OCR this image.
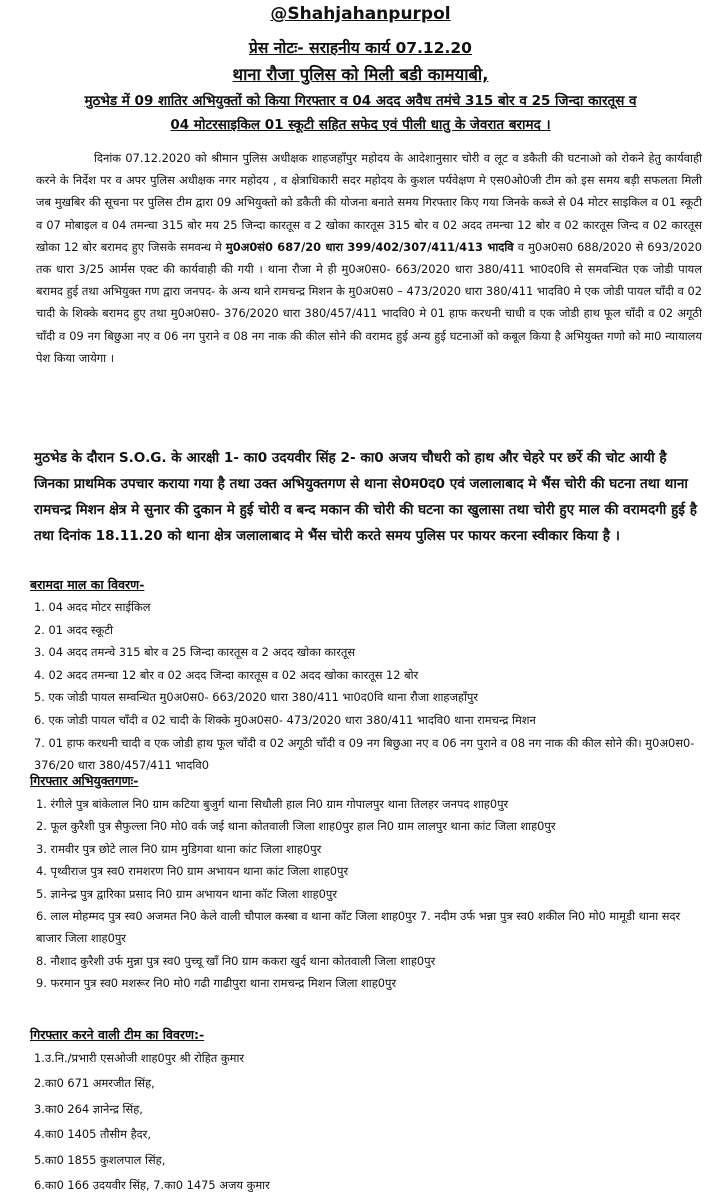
@Shahjahanpurpol
प्रेस नोटः- सराहनीय कार्य 07.12.20
थाना रौजा पुलिस को मिली बडी कामयाबी,
मुठभेड में 09 शातिर अभियुक्तों को किया गिरफ्तार व 04 अदद अवैध तमंचे 315 बोर व 25 जिन्दा कारतूस व
04 मोटरसाइकिल 01 स्कूटी सहित सफेद एवं पीली धातु के जेवरात बरामद ।
दिनांक 07.12.2020 को श्रीमान पुलिस अधीक्षक शाहजहाँपुर महोदय के आदेशानुसार चोरी व लूट व डकैती की घटनाओ को रोकने हेतु कार्यवाही करने के निर्देश पर व अपर पुलिस अधीक्षक नगर महोदय , व क्षेत्राधिकारी सदर महोदय के कुशल पर्यवेक्षण मे एस0ओ0जी टीम को इस समय बड़ी सफलता मिली जब मुखबिर की सूचना पर पुलिस टीम द्वारा 09 अभियुक्तो को डकैती की योजना बनाते समय गिरफ्तार किए गया जिनके कब्जे से 04 मोटर साइकिल व 01 स्कूटी व 07 मोबाइल व 04 तमन्चा 315 बोर मय 25 जिन्दा कारतूस व 2 खोका कारतूस 315 बोर व 02 अदद तमन्चा 12 बोर व 02 कारतूस जिन्द व 02 कारतूस खोका 12 बोर बरामद हुए जिसके समवन्ध मे मु0अ0सं0 687/20 धारा 399/402/307/411/413 भादवि व मु0अ0स0 688/2020 से 693/2020 तक धारा 3/25 आर्मस एक्ट की कार्यवाही की गयी । थाना रौजा मे ही मु0अ0स0- 663/2020 धारा 380/411 भा0द0वि से समवन्धित एक जोडी पायल बरामद हुई तथा अभियुक्त गण द्वारा जनपद- के अन्य थाने रामचन्द्र मिशन के मु0अ0स0 – 473/2020 धारा 380/411 भादवि0 मे एक जोडी पायल चाँदी व 02 चादी के शिक्के बरामद हुए तथा मु0अ0स0- 376/2020 धारा 380/457/411 भादवि0 मे 01 हाफ करधनी चाधी व एक जोडी हाथ फूल चाँदी व 02 अगूठी चाँदी व 09 नग बिछुआ नए व 06 नग पुराने व 08 नग नाक की कील सोने की वरामद हुई अन्य हुई घटनाओं को कबूल किया है अभियुक्त गणो को मा0 न्यायालय पेश किया जायेगा ।
मुठभेड के दौरान S.O.G. के आरक्षी 1- का0 उदयवीर सिंह 2- का0 अजय चौधरी को हाथ और चेहरे पर छर्रे की चोट आयी है जिनका प्राथमिक उपचार कराया गया है तथा उक्त अभियुक्तगण से थाना से0म0द0 एवं जलालाबाद मे भैंस चोरी की घटना तथा थाना रामचन्द्र मिशन क्षेत्र मे सुनार की दुकान मे हुई चोरी व बन्द मकान की चोरी की घटना का खुलासा तथा चोरी हुए माल की वरामदगी हुई है तथा दिनांक 18.11.20 को थाना क्षेत्र जलालाबाद मे भैंस चोरी करते समय पुलिस पर फायर करना स्वीकार किया है ।
बरामदा माल का विवरण-
1. 04 अदद मोटर साईकिल
2. 01 अदद स्कूटी
3. 04 अदद तमन्चे 315 बोर व 25 जिन्दा कारतूस व 2 अदद खोका कारतूस
4. 02 अदद तमन्चा 12 बोर व 02 अदद जिन्दा कारतूस व 02 अदद खोका कारतूस 12 बोर
5. एक जोडी पायल सम्वन्धित मु0अ0स0- 663/2020 धारा 380/411 भा0द0वि थाना रौजा शाहजहाँपुर
6. एक जोडी पायल चाँदी व 02 चादी के शिक्के मु0अ0स0- 473/2020 धारा 380/411 भादवि0 थाना रामचन्द्र मिशन
7. 01 हाफ करधनी चादी व एक जोडी हाथ फूल चाँदी व 02 अगूठी चाँदी व 09 नग बिछुआ नए व 06 नग पुराने व 08 नग नाक की कील सोने की। मु0अ0स0- 376/20 धारा 380/457/411 भादवि0
गिरफ्तार अभियुक्तगणः-
1. रंगीले पुत्र बांकेलाल नि0 ग्राम कटिया बुजुर्ग थाना सिधौली हाल नि0 ग्राम गोपालपुर थाना तिलहर जनपद शाह0पुर
2. फूल कुरैशी पुत्र सैफुल्ला नि0 मो0 वर्क जई थाना कोतवाली जिला शाह0पुर हाल नि0 ग्राम लालपुर थाना कांट जिला शाह0पुर
3. रामवीर पुत्र छोटे लाल नि0 ग्राम मुडिगवा थाना कांट जिला शाह0पुर
4. पृथ्वीराज पुत्र स्व0 रामशरण नि0 ग्राम अभायन थाना कांट जिला शाह0पुर
5. ज्ञानेन्द्र पुत्र द्वारिका प्रसाद नि0 ग्राम अभायन थाना कॉट जिला शाह0पुर
6. लाल मोहम्मद पुत्र स्व0 अजमत नि0 केले वाली चौपाल कस्बा व थाना कॉट जिला शाह0पुर 7. नदीम उर्फ भन्ना पुत्र स्व0 शकील नि0 मो0 मामूडी थाना सदर बाजार जिला शाह0पुर
8. नौशाद कुरैशी उर्फ मुन्ना पुत्र स्व0 पुच्चू खाँ नि0 ग्राम ककरा खुर्द थाना कोतवाली जिला शाह0पुर
9. फरमान पुत्र स्व0 मशरूर नि0 मो0 गढी गाढीपुरा थाना रामचन्द्र मिशन जिला शाह0पुर
गिरफ्तार करने वाली टीम का विवरण:-
1.उ.नि./प्रभारी एसओजी शाह0पुर श्री रोहित कुमार
2.का0 671 अमरजीत सिंह,
3.का0 264 ज्ञानेन्द्र सिंह,
4.का0 1405 तौसीम हैदर,
5.का0 1855 कुशलपाल सिंह,
6.का0 166 उदयवीर सिंह, 7.का0 1475 अजय कुमार
